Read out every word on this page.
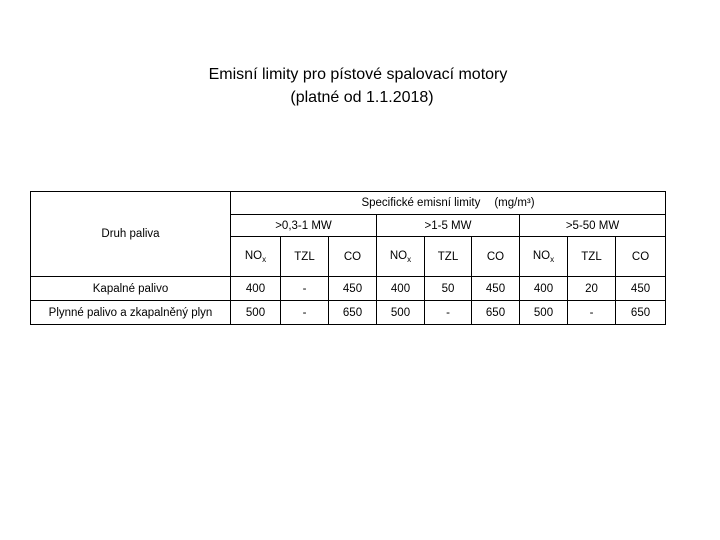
Emisní limity pro pístové spalovací motory
(platné od 1.1.2018)
Druh paliva	Specifické emisní limity (mg/m³)								
	>0,3-1 MW			>1-5 MW			>5-50 MW		
	$NO_x$	TZL	CO	$NO_x$	TZL	CO	$NO_x$	TZL	CO
Kapalné palivo	400	-	450	400	50	450	400	20	450
Plynné palivo a zkapalněný plyn	500	-	650	500	-	650	500	-	650
